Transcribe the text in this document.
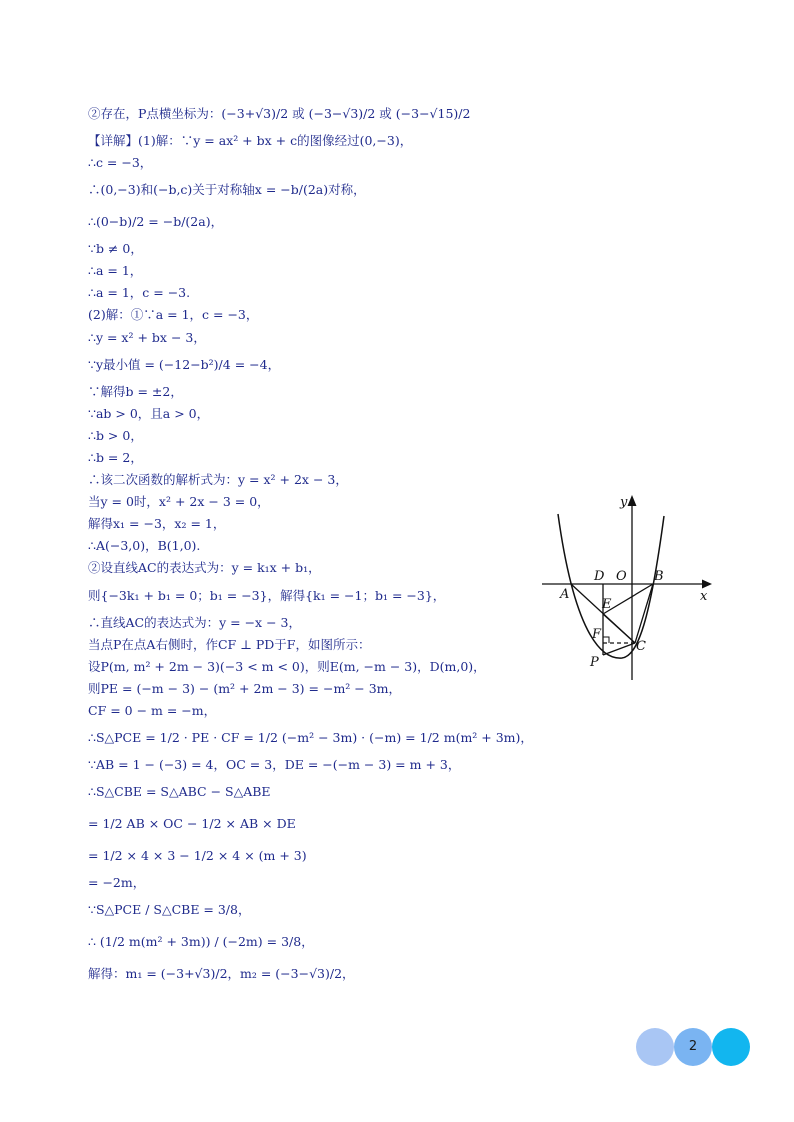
②存在，P点横坐标为：(−3+√3)/2 或 (−3−√3)/2 或 (−3−√15)/2
【详解】(1)解：∵y = ax² + bx + c的图像经过(0,−3)，
∴c = −3，
∴(0,−3)和(−b,c)关于对称轴x = −b/(2a)对称，
∴(0−b)/2 = −b/(2a)，
∵b ≠ 0，
∴a = 1，
∴a = 1，c = −3.
(2)解：①∵a = 1，c = −3，
∴y = x² + bx − 3，
∵y最小值 = (−12−b²)/4 = −4，
∵解得b = ±2，
∵ab > 0，且a > 0，
∴b > 0，
∴b = 2，
∴该二次函数的解析式为：y = x² + 2x − 3，
当y = 0时，x² + 2x − 3 = 0，
解得x₁ = −3，x₂ = 1，
∴A(−3,0)，B(1,0).
②设直线AC的表达式为：y = k₁x + b₁，
则{−3k₁ + b₁ = 0；b₁ = −3}，解得{k₁ = −1；b₁ = −3}，
∴直线AC的表达式为：y = −x − 3，
当点P在点A右侧时，作CF ⊥ PD于F，如图所示：
设P(m, m² + 2m − 3)(−3 < m < 0)，则E(m, −m − 3)，D(m,0)，
则PE = (−m − 3) − (m² + 2m − 3) = −m² − 3m，
CF = 0 − m = −m，
∴S△PCE = 1/2 · PE · CF = 1/2 (−m² − 3m) · (−m) = 1/2 m(m² + 3m)，
∵AB = 1 − (−3) = 4，OC = 3，DE = −(−m − 3) = m + 3，
∴S△CBE = S△ABC − S△ABE
= 1/2 AB × OC − 1/2 × AB × DE
= 1/2 × 4 × 3 − 1/2 × 4 × (m + 3)
= −2m，
∵S△PCE / S△CBE = 3/8，
∴ (1/2 m(m² + 3m)) / (−2m) = 3/8，
解得：m₁ = (−3+√3)/2，m₂ = (−3−√3)/2，
y
x
A
D O B
E
F
C
P
2
